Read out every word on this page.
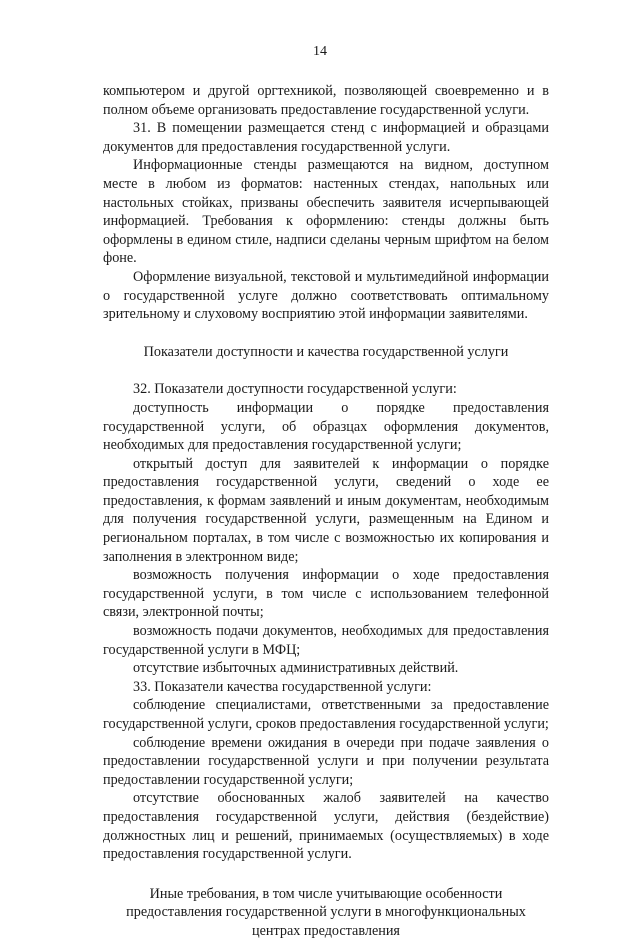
14

компьютером и другой оргтехникой, позволяющей своевременно и в полном объеме организовать предоставление государственной услуги.

31. В помещении размещается стенд с информацией и образцами документов для предоставления государственной услуги.

Информационные стенды размещаются на видном, доступном месте в любом из форматов: настенных стендах, напольных или настольных стойках, призваны обеспечить заявителя исчерпывающей информацией. Требования к оформлению: стенды должны быть оформлены в едином стиле, надписи сделаны черным шрифтом на белом фоне.

Оформление визуальной, текстовой и мультимедийной информации о государственной услуге должно соответствовать оптимальному зрительному и слуховому восприятию этой информации заявителями.

Показатели доступности и качества государственной услуги

32. Показатели доступности государственной услуги:

доступность информации о порядке предоставления государственной услуги, об образцах оформления документов, необходимых для предоставления государственной услуги;

открытый доступ для заявителей к информации о порядке предоставления государственной услуги, сведений о ходе ее предоставления, к формам заявлений и иным документам, необходимым для получения государственной услуги, размещенным на Едином и региональном порталах, в том числе с возможностью их копирования и заполнения в электронном виде;

возможность получения информации о ходе предоставления государственной услуги, в том числе с использованием телефонной связи, электронной почты;

возможность подачи документов, необходимых для предоставления государственной услуги в МФЦ;

отсутствие избыточных административных действий.

33. Показатели качества государственной услуги:

соблюдение специалистами, ответственными за предоставление государственной услуги, сроков предоставления государственной услуги;

соблюдение времени ожидания в очереди при подаче заявления о предоставлении государственной услуги и при получении результата предоставлении государственной услуги;

отсутствие обоснованных жалоб заявителей на качество предоставления государственной услуги, действия (бездействие) должностных лиц и решений, принимаемых (осуществляемых) в ходе предоставления государственной услуги.

Иные требования, в том числе учитывающие особенности предоставления государственной услуги в многофункциональных центрах предоставления
